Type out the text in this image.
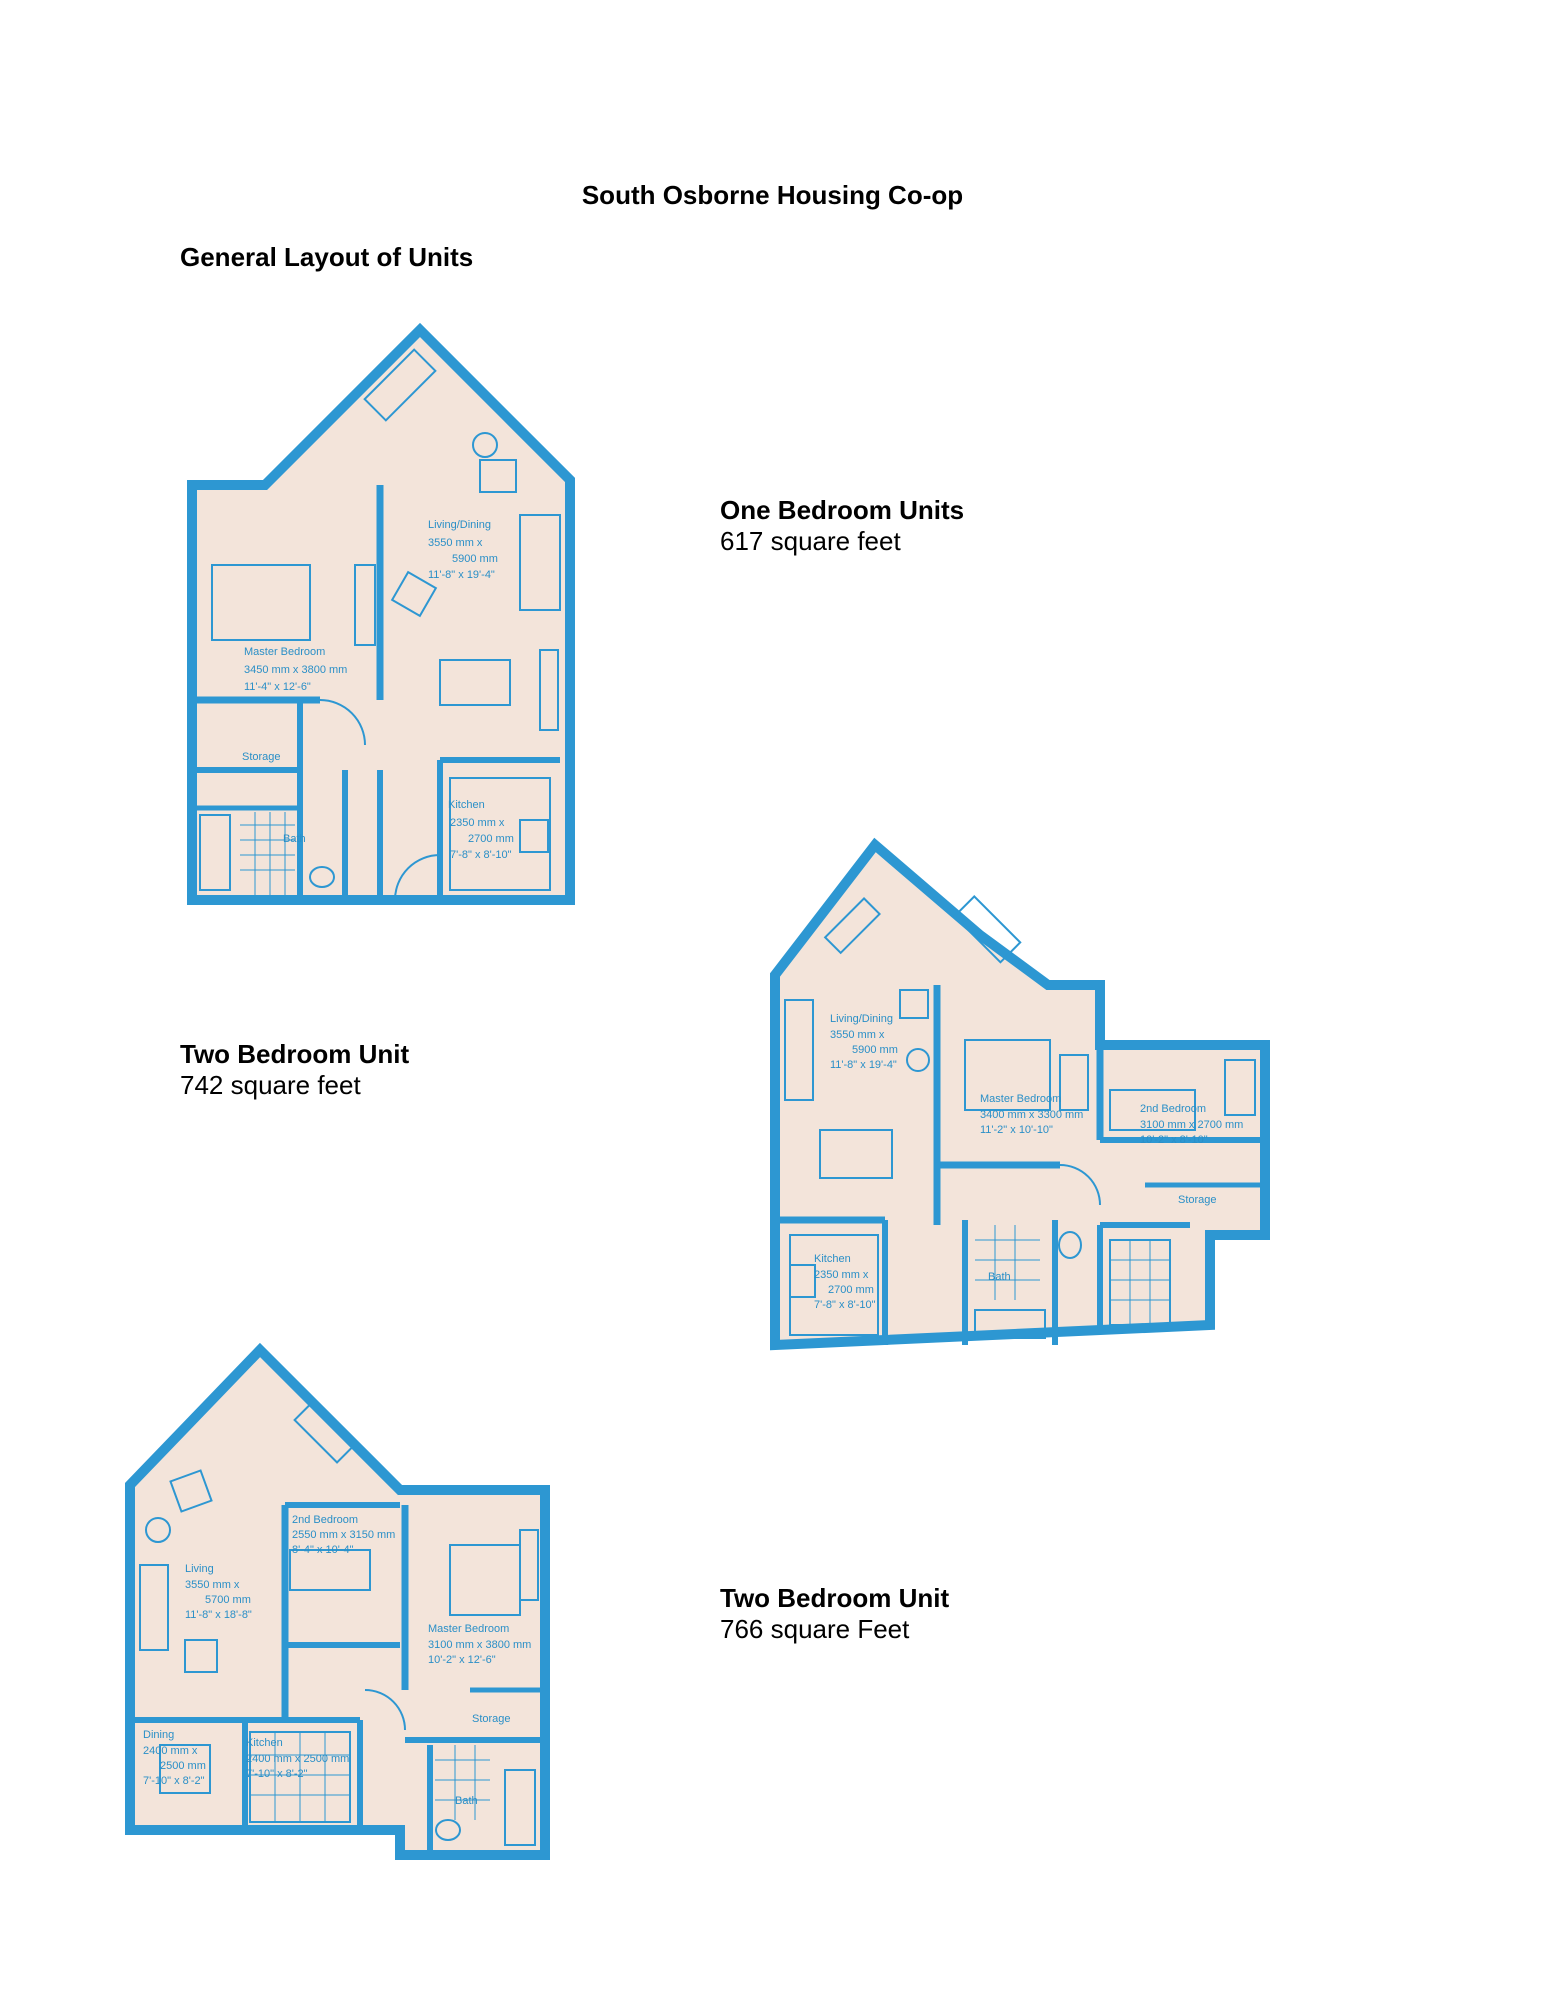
South Osborne Housing Co-op
General Layout of Units
One Bedroom Units
617 square feet
Two Bedroom Unit
742 square feet
Two Bedroom Unit
766 square Feet
Living/Dining
3550 mm x
5900 mm
11'-8" x 19'-4"
Master Bedroom
3450 mm x 3800 mm
11'-4" x 12'-6"
Storage
Kitchen
2350 mm x
2700 mm
7'-8" x 8'-10"
Bath
Living/Dining
3550 mm x
5900 mm
11'-8" x 19'-4"
Master Bedroom
3400 mm x 3300 mm
11'-2" x 10'-10"
2nd Bedroom
3100 mm x 2700 mm
10'-2" x 8'-10"
Storage
Kitchen
2350 mm x
2700 mm
7'-8" x 8'-10"
Bath
Living
3550 mm x
5700 mm
11'-8" x 18'-8"
2nd Bedroom
2550 mm x 3150 mm
8'-4" x 10'-4"
Master Bedroom
3100 mm x 3800 mm
10'-2" x 12'-6"
Storage
Dining
2400 mm x
2500 mm
7'-10" x 8'-2"
Kitchen
2400 mm x 2500 mm
7'-10" x 8'-2"
Bath
